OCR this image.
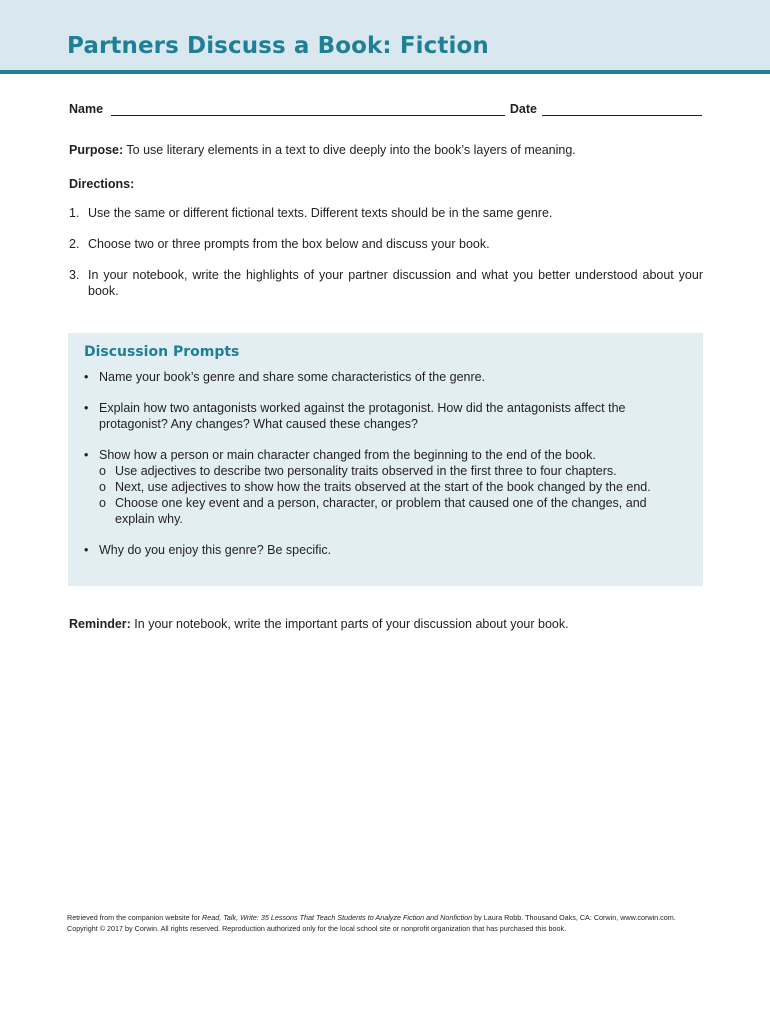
Partners Discuss a Book: Fiction
Name	Date
Purpose: To use literary elements in a text to dive deeply into the book’s layers of meaning.
Directions:
1. Use the same or different fictional texts. Different texts should be in the same genre.
2. Choose two or three prompts from the box below and discuss your book.
3. In your notebook, write the highlights of your partner discussion and what you better understood about your book.
Discussion Prompts
• Name your book’s genre and share some characteristics of the genre.
• Explain how two antagonists worked against the protagonist. How did the antagonists affect the protagonist? Any changes? What caused these changes?
• Show how a person or main character changed from the beginning to the end of the book.
o Use adjectives to describe two personality traits observed in the first three to four chapters.
o Next, use adjectives to show how the traits observed at the start of the book changed by the end.
o Choose one key event and a person, character, or problem that caused one of the changes, and explain why.
• Why do you enjoy this genre? Be specific.
Reminder: In your notebook, write the important parts of your discussion about your book.
Retrieved from the companion website for Read, Talk, Write: 35 Lessons That Teach Students to Analyze Fiction and Nonfiction by Laura Robb. Thousand Oaks, CA: Corwin, www.corwin.com. Copyright © 2017 by Corwin. All rights reserved. Reproduction authorized only for the local school site or nonprofit organization that has purchased this book.
